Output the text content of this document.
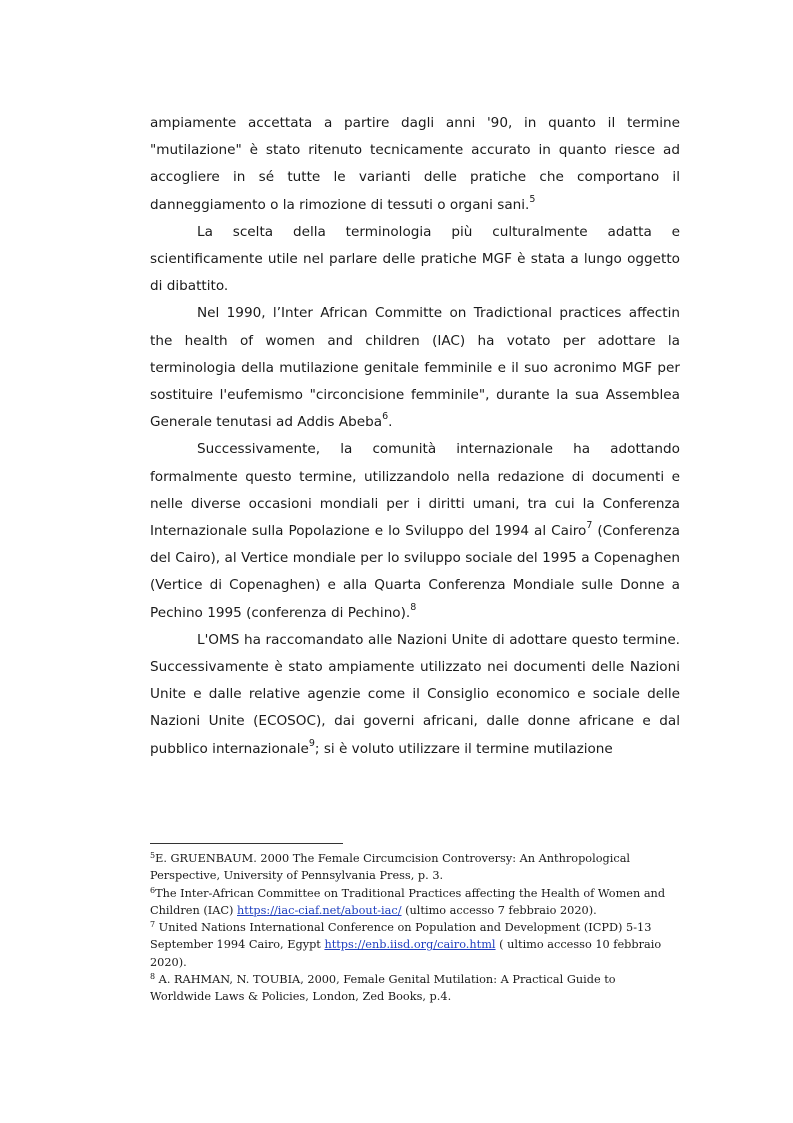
ampiamente accettata a partire dagli anni '90, in quanto il termine "mutilazione" è stato ritenuto tecnicamente accurato in quanto riesce ad accogliere in sé tutte le varianti delle pratiche che comportano il danneggiamento o la rimozione di tessuti o organi sani.$^5$

La scelta della terminologia più culturalmente adatta e scientificamente utile nel parlare delle pratiche MGF è stata a lungo oggetto di dibattito.

Nel 1990, l’Inter African Committe on Tradictional practices affectin the health of women and children (IAC) ha votato per adottare la terminologia della mutilazione genitale femminile e il suo acronimo MGF per sostituire l'eufemismo "circoncisione femminile", durante la sua Assemblea Generale tenutasi ad Addis Abeba$^6$.

Successivamente, la comunità internazionale ha adottando formalmente questo termine, utilizzandolo nella redazione di documenti e nelle diverse occasioni mondiali per i diritti umani, tra cui la Conferenza Internazionale sulla Popolazione e lo Sviluppo del 1994 al Cairo$^7$ (Conferenza del Cairo), al Vertice mondiale per lo sviluppo sociale del 1995 a Copenaghen (Vertice di Copenaghen) e alla Quarta Conferenza Mondiale sulle Donne a Pechino 1995 (conferenza di Pechino).$^8$

L'OMS ha raccomandato alle Nazioni Unite di adottare questo termine. Successivamente è stato ampiamente utilizzato nei documenti delle Nazioni Unite e dalle relative agenzie come il Consiglio economico e sociale delle Nazioni Unite (ECOSOC), dai governi africani, dalle donne africane e dal pubblico internazionale$^9$; si è voluto utilizzare il termine mutilazione

$^5$E. GRUENBAUM. 2000 The Female Circumcision Controversy: An Anthropological Perspective, University of Pennsylvania Press, p. 3.

$^6$The Inter-African Committee on Traditional Practices affecting the Health of Women and Children (IAC) https://iac-ciaf.net/about-iac/ (ultimo accesso 7 febbraio 2020).

$^7$ United Nations International Conference on Population and Development (ICPD) 5-13 September 1994 Cairo, Egypt https://enb.iisd.org/cairo.html ( ultimo accesso 10 febbraio 2020).

$^8$ A. RAHMAN, N. TOUBIA, 2000, Female Genital Mutilation: A Practical Guide to Worldwide Laws & Policies, London, Zed Books, p.4.
